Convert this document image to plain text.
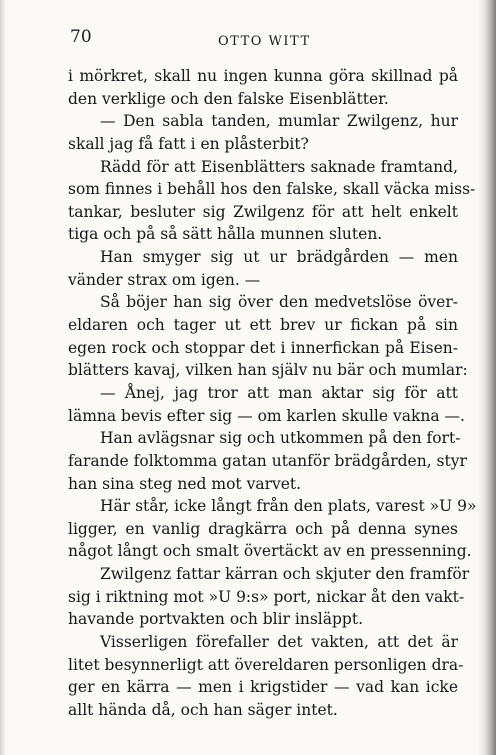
70	OTTO WITT
i mörkret, skall nu ingen kunna göra skillnad på
den verklige och den falske Eisenblätter.
— Den sabla tanden, mumlar Zwilgenz, hur
skall jag få fatt i en plåsterbit?
Rädd för att Eisenblätters saknade framtand,
som finnes i behåll hos den falske, skall väcka miss-
tankar, besluter sig Zwilgenz för att helt enkelt
tiga och på så sätt hålla munnen sluten.
Han smyger sig ut ur brädgården — men
vänder strax om igen. —
Så böjer han sig över den medvetslöse över-
eldaren och tager ut ett brev ur fickan på sin
egen rock och stoppar det i innerfickan på Eisen-
blätters kavaj, vilken han själv nu bär och mumlar:
— Ånej, jag tror att man aktar sig för att
lämna bevis efter sig — om karlen skulle vakna —.
Han avlägsnar sig och utkommen på den fort-
farande folktomma gatan utanför brädgården, styr
han sina steg ned mot varvet.
Här står, icke långt från den plats, varest »U 9»
ligger, en vanlig dragkärra och på denna synes
något långt och smalt övertäckt av en pressenning.
Zwilgenz fattar kärran och skjuter den framför
sig i riktning mot »U 9:s» port, nickar åt den vakt-
havande portvakten och blir insläppt.
Visserligen förefaller det vakten, att det är
litet besynnerligt att övereldaren personligen dra-
ger en kärra — men i krigstider — vad kan icke
allt hända då, och han säger intet.
